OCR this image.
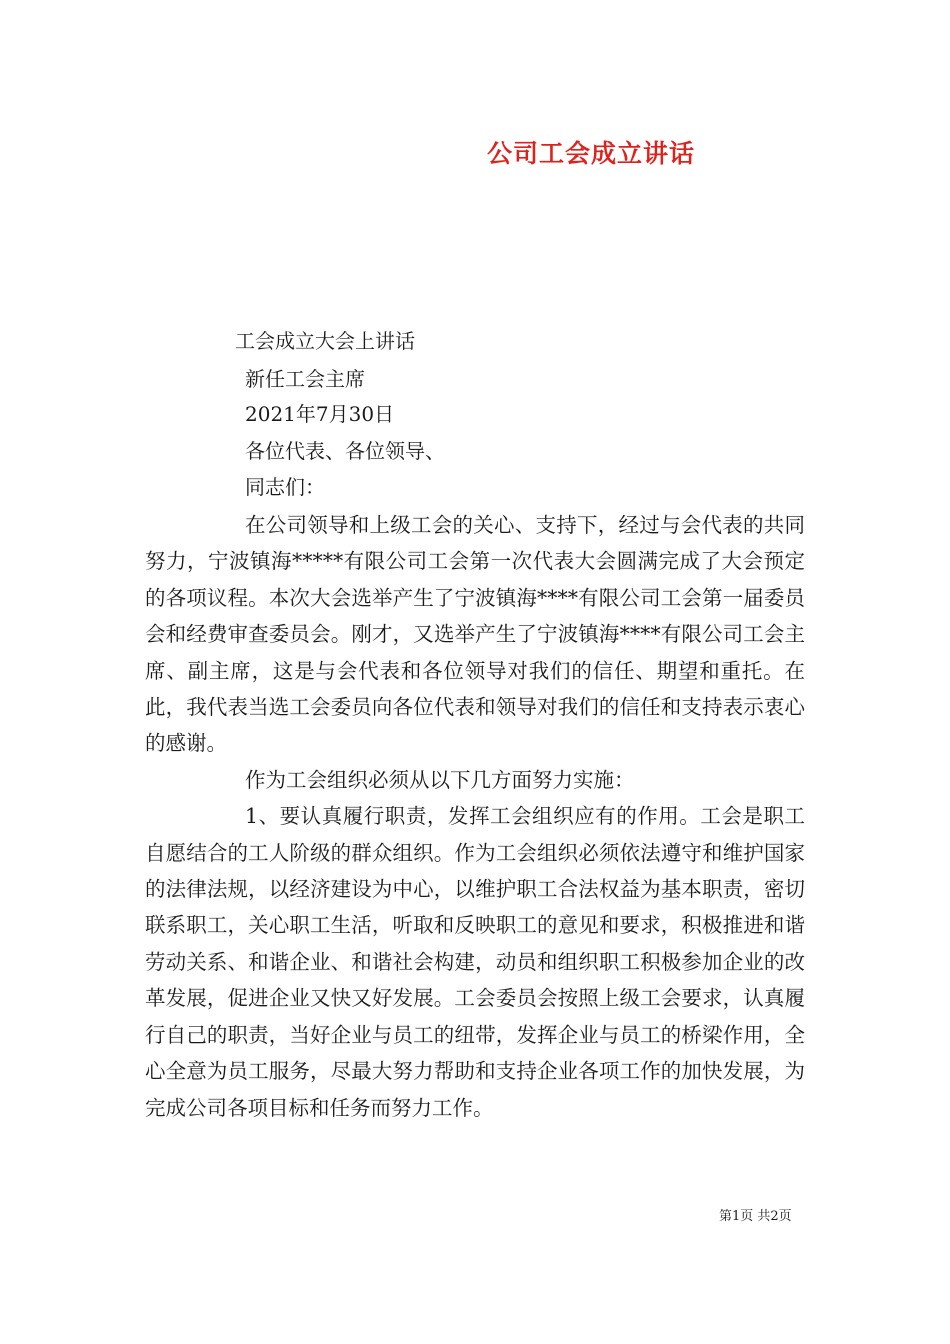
公司工会成立讲话
工会成立大会上讲话
新任工会主席
2021年7月30日
各位代表、各位领导、
同志们：

在公司领导和上级工会的关心、支持下，经过与会代表的共同努力，宁波镇海*****有限公司工会第一次代表大会圆满完成了大会预定的各项议程。本次大会选举产生了宁波镇海****有限公司工会第一届委员会和经费审查委员会。刚才，又选举产生了宁波镇海****有限公司工会主席、副主席，这是与会代表和各位领导对我们的信任、期望和重托。在此，我代表当选工会委员向各位代表和领导对我们的信任和支持表示衷心的感谢。

作为工会组织必须从以下几方面努力实施：

1、要认真履行职责，发挥工会组织应有的作用。工会是职工自愿结合的工人阶级的群众组织。作为工会组织必须依法遵守和维护国家的法律法规，以经济建设为中心，以维护职工合法权益为基本职责，密切联系职工，关心职工生活，听取和反映职工的意见和要求，积极推进和谐劳动关系、和谐企业、和谐社会构建，动员和组织职工积极参加企业的改革发展，促进企业又快又好发展。工会委员会按照上级工会要求，认真履行自己的职责，当好企业与员工的纽带，发挥企业与员工的桥梁作用，全心全意为员工服务，尽最大努力帮助和支持企业各项工作的加快发展，为完成公司各项目标和任务而努力工作。

第1页 共2页
